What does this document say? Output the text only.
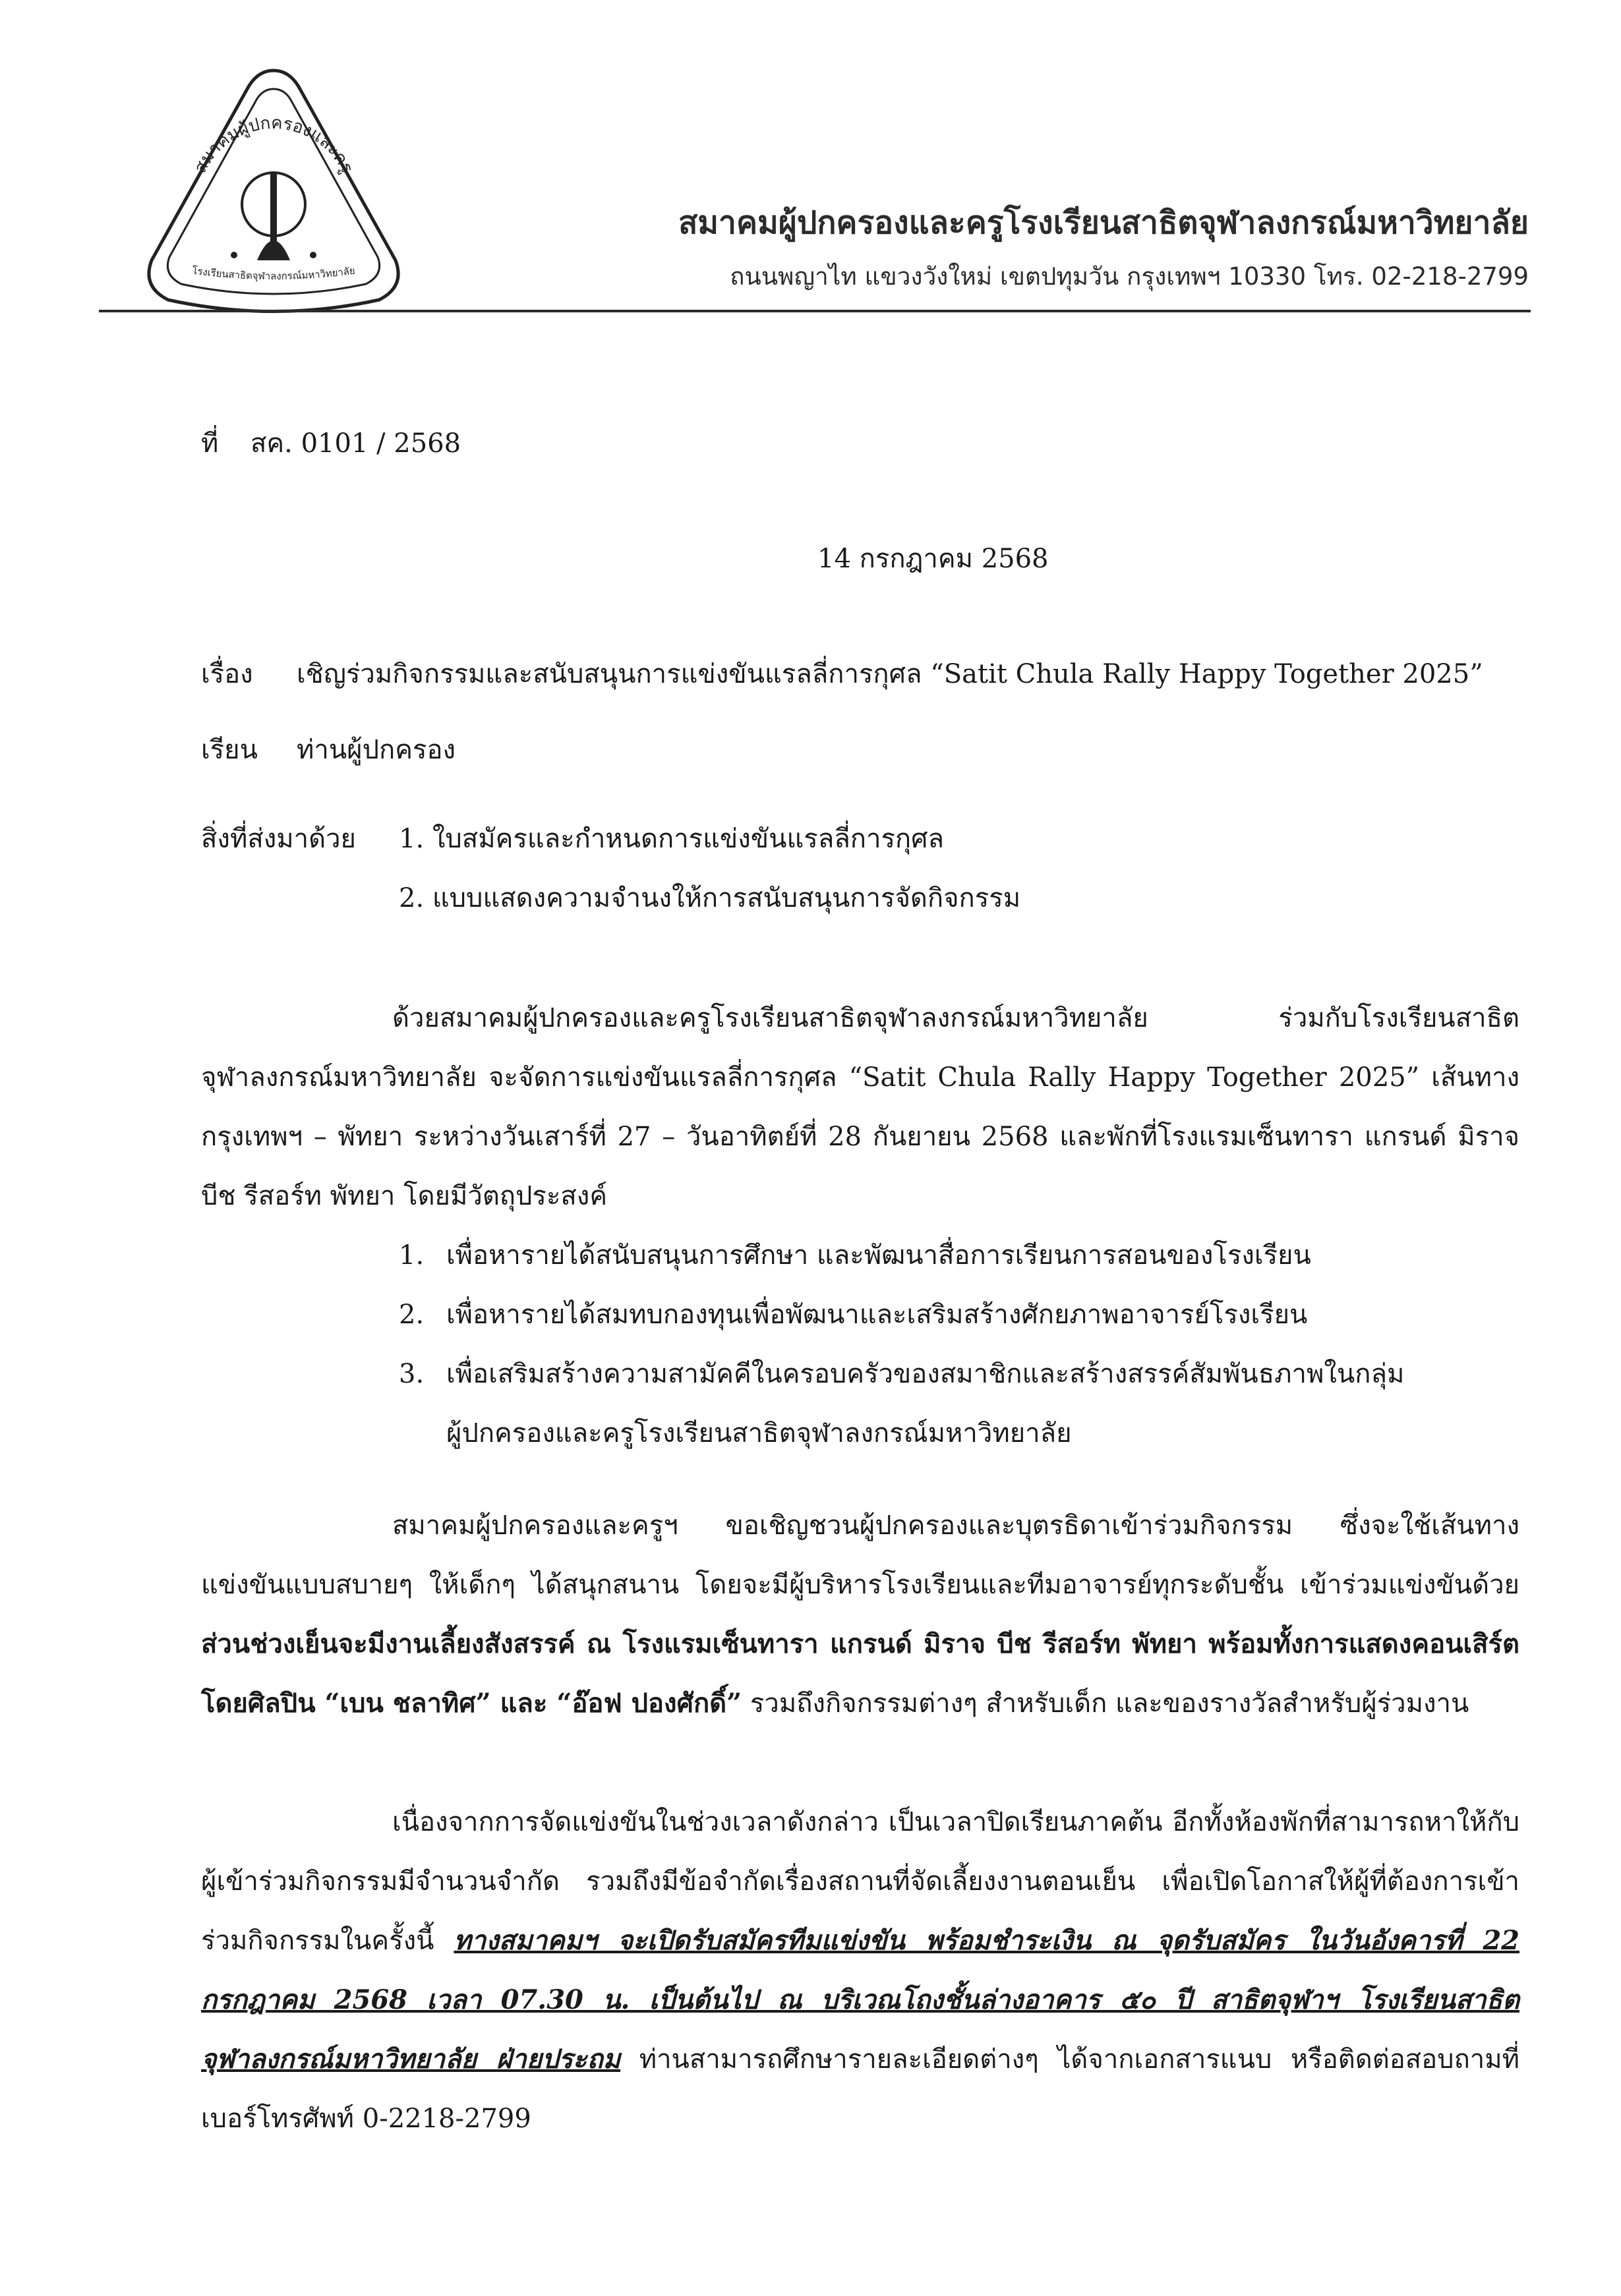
สมาคมผู้ปกครองและครู
โรงเรียนสาธิตจุฬาลงกรณ์มหาวิทยาลัย
สมาคมผู้ปกครองและครูโรงเรียนสาธิตจุฬาลงกรณ์มหาวิทยาลัย
ถนนพญาไท แขวงวังใหม่ เขตปทุมวัน กรุงเทพฯ 10330 โทร. 02-218-2799
ที่ สค. 0101 / 2568
14 กรกฎาคม 2568
เรื่อง เชิญร่วมกิจกรรมและสนับสนุนการแข่งขันแรลลี่การกุศล “Satit Chula Rally Happy Together 2025”
เรียน ท่านผู้ปกครอง
สิ่งที่ส่งมาด้วย 1. ใบสมัครและกำหนดการแข่งขันแรลลี่การกุศล
2. แบบแสดงความจำนงให้การสนับสนุนการจัดกิจกรรม
ด้วยสมาคมผู้ปกครองและครูโรงเรียนสาธิตจุฬาลงกรณ์มหาวิทยาลัย ร่วมกับโรงเรียนสาธิตจุฬาลงกรณ์มหาวิทยาลัย จะจัดการแข่งขันแรลลี่การกุศล “Satit Chula Rally Happy Together 2025” เส้นทางกรุงเทพฯ – พัทยา ระหว่างวันเสาร์ที่ 27 – วันอาทิตย์ที่ 28 กันยายน 2568 และพักที่โรงแรมเซ็นทารา แกรนด์ มิราจ บีช รีสอร์ท พัทยา โดยมีวัตถุประสงค์
1. เพื่อหารายได้สนับสนุนการศึกษา และพัฒนาสื่อการเรียนการสอนของโรงเรียน
2. เพื่อหารายได้สมทบกองทุนเพื่อพัฒนาและเสริมสร้างศักยภาพอาจารย์โรงเรียน
3. เพื่อเสริมสร้างความสามัคคีในครอบครัวของสมาชิกและสร้างสรรค์สัมพันธภาพในกลุ่ม
ผู้ปกครองและครูโรงเรียนสาธิตจุฬาลงกรณ์มหาวิทยาลัย
สมาคมผู้ปกครองและครูฯ ขอเชิญชวนผู้ปกครองและบุตรธิดาเข้าร่วมกิจกรรม ซึ่งจะใช้เส้นทางแข่งขันแบบสบายๆ ให้เด็กๆ ได้สนุกสนาน โดยจะมีผู้บริหารโรงเรียนและทีมอาจารย์ทุกระดับชั้น เข้าร่วมแข่งขันด้วย ส่วนช่วงเย็นจะมีงานเลี้ยงสังสรรค์ ณ โรงแรมเซ็นทารา แกรนด์ มิราจ บีช รีสอร์ท พัทยา พร้อมทั้งการแสดงคอนเสิร์ต โดยศิลปิน “เบน ชลาทิศ” และ “อ๊อฟ ปองศักดิ์” รวมถึงกิจกรรมต่างๆ สำหรับเด็ก และของรางวัลสำหรับผู้ร่วมงาน
เนื่องจากการจัดแข่งขันในช่วงเวลาดังกล่าว เป็นเวลาปิดเรียนภาคต้น อีกทั้งห้องพักที่สามารถหาให้กับผู้เข้าร่วมกิจกรรมมีจำนวนจำกัด รวมถึงมีข้อจำกัดเรื่องสถานที่จัดเลี้ยงงานตอนเย็น เพื่อเปิดโอกาสให้ผู้ที่ต้องการเข้าร่วมกิจกรรมในครั้งนี้ ทางสมาคมฯ จะเปิดรับสมัครทีมแข่งขัน พร้อมชำระเงิน ณ จุดรับสมัคร ในวันอังคารที่ 22 กรกฎาคม 2568 เวลา 07.30 น. เป็นต้นไป ณ บริเวณโถงชั้นล่างอาคาร ๕๐ ปี สาธิตจุฬาฯ โรงเรียนสาธิตจุฬาลงกรณ์มหาวิทยาลัย ฝ่ายประถม ท่านสามารถศึกษารายละเอียดต่างๆ ได้จากเอกสารแนบ หรือติดต่อสอบถามที่เบอร์โทรศัพท์ 0-2218-2799
